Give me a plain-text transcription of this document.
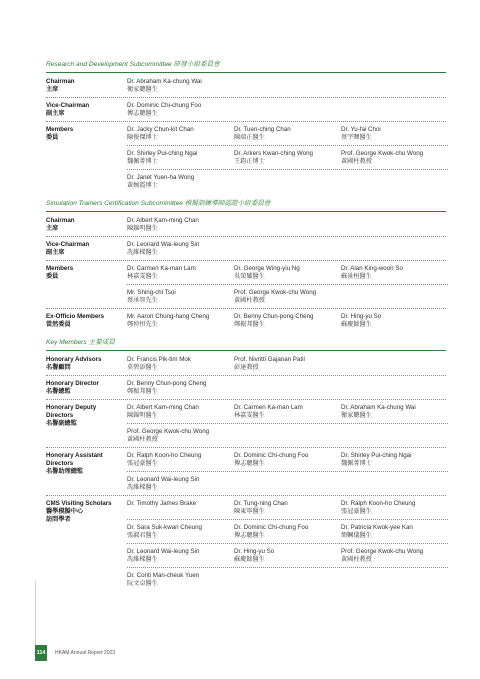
Research and Development Subcommittee 研發小組委員會
Chairman
主席
Dr. Abraham Ka-chung Wai
衛家聰醫生
Vice-Chairman
副主席
Dr. Dominic Chi-chung Foo
傅志聰醫生
Members
委員
Dr. Jacky Chun-kit Chan
陳俊傑博士
Dr. Tuen-ching Chan
陳端正醫生
Dr. Yu-fai Choi
蔡宇暉醫生
Dr. Shirley Pui-ching Ngai
魏佩菁博士
Dr. Arkers Kwan-ching Wong
王鈞正博士
Prof. George Kwok-chu Wong
黃國柱教授
Dr. Janet Yuen-ha Wong
黃婉霞博士
Simulation Trainers Certification Subcommittee 模擬訓練導師認證小組委員會
Chairman
主席
Dr. Albert Kam-ming Chan
陳錦明醫生
Vice-Chairman
副主席
Dr. Leonard Wai-leung Sin
冼維樑醫生
Members
委員
Dr. Carmen Ka-man Lam
林嘉雯醫生
Dr. George Wing-yiu Ng
吳榮耀醫生
Dr. Alan King-woon So
蘇景桓醫生
Mr. Shing-chi Tsoi
蔡承智先生
Prof. George Kwok-chu Wong
黃國柱教授
Ex-Officio Members
當然委員
Mr. Aaron Chung-hang Cheng
鄭仲恒先生
Dr. Benny Chun-pong Cheng
鄭振邦醫生
Dr. Hing-yu So
蘇慶餘醫生
Key Members 主要成員
Honorary Advisors
名譽顧問
Dr. Francis Pik-tim Mok
莫碧添醫生
Prof. Nivritti Gajanan Patil
彭達教授
Honorary Director
名譽總監
Dr. Benny Chun-pong Cheng
鄭振邦醫生
Honorary Deputy
Directors
名譽副總監
Dr. Albert Kam-ming Chan
陳錦明醫生
Dr. Carmen Ka-man Lam
林嘉雯醫生
Dr. Abraham Ka-chung Wai
衛家聰醫生
Prof. George Kwok-chu Wong
黃國柱教授
Honorary Assistant
Directors
名譽助理總監
Dr. Ralph Koon-ho Cheung
張冠豪醫生
Dr. Dominic Chi-chung Foo
傅志聰醫生
Dr. Shirley Pui-ching Ngai
魏佩菁博士
Dr. Leonard Wai-leung Sin
冼維樑醫生
CMS Visiting Scholars
醫學模擬中心
訪問學者
Dr. Timothy James Brake	Dr. Tung-ning Chan
陳東寧醫生
Dr. Ralph Koon-ho Cheung
張冠豪醫生
Dr. Sara Suk-kwan Cheung
張淑君醫生
Dr. Dominic Chi-chung Foo
傅志聰醫生
Dr. Patricia Kwok-yee Kan
簡幗儀醫生
Dr. Leonard Wai-leung Sin
冼維樑醫生
Dr. Hing-yu So
蘇慶餘醫生
Prof. George Kwok-chu Wong
黃國柱教授
Dr. Conti Man-cheuk Yuen
阮文卓醫生
114	HKAM Annual Report 2023
